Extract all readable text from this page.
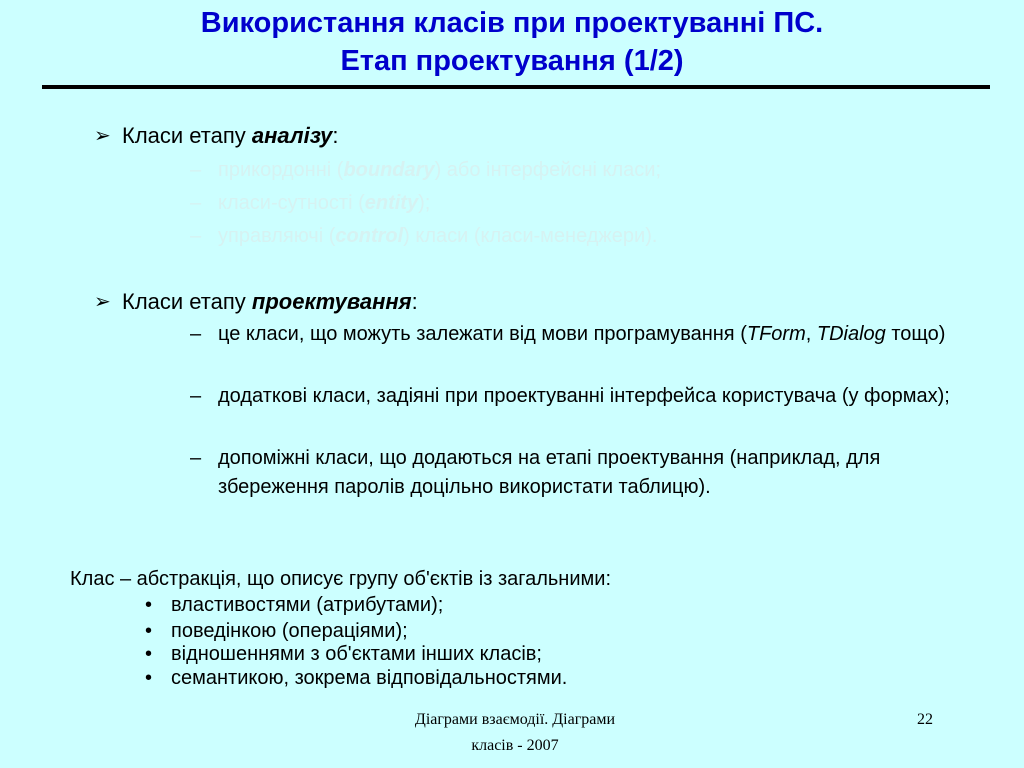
Використання класів при проектуванні ПС.
Етап проектування (1/2)
➢ Класи етапу аналізу:
– прикордонні (boundary) або інтерфейсні класи;
– класи-сутності (entity);
– управляючі (control) класи (класи-менеджери).
➢ Класи етапу проектування:
– це класи, що можуть залежати від мови програмування (TForm, TDialog тощо)
– додаткові класи, задіяні при проектуванні інтерфейса користувача (у формах);
– допоміжні класи, що додаються на етапі проектування (наприклад, для збереження паролів доцільно використати таблицю).
Клас – абстракція, що описує групу об'єктів із загальними:
• властивостями (атрибутами);
• поведінкою (операціями);
• відношеннями з об'єктами інших класів;
• семантикою, зокрема відповідальностями.
Діаграми взаємодії. Діаграми
класів - 2007
22
